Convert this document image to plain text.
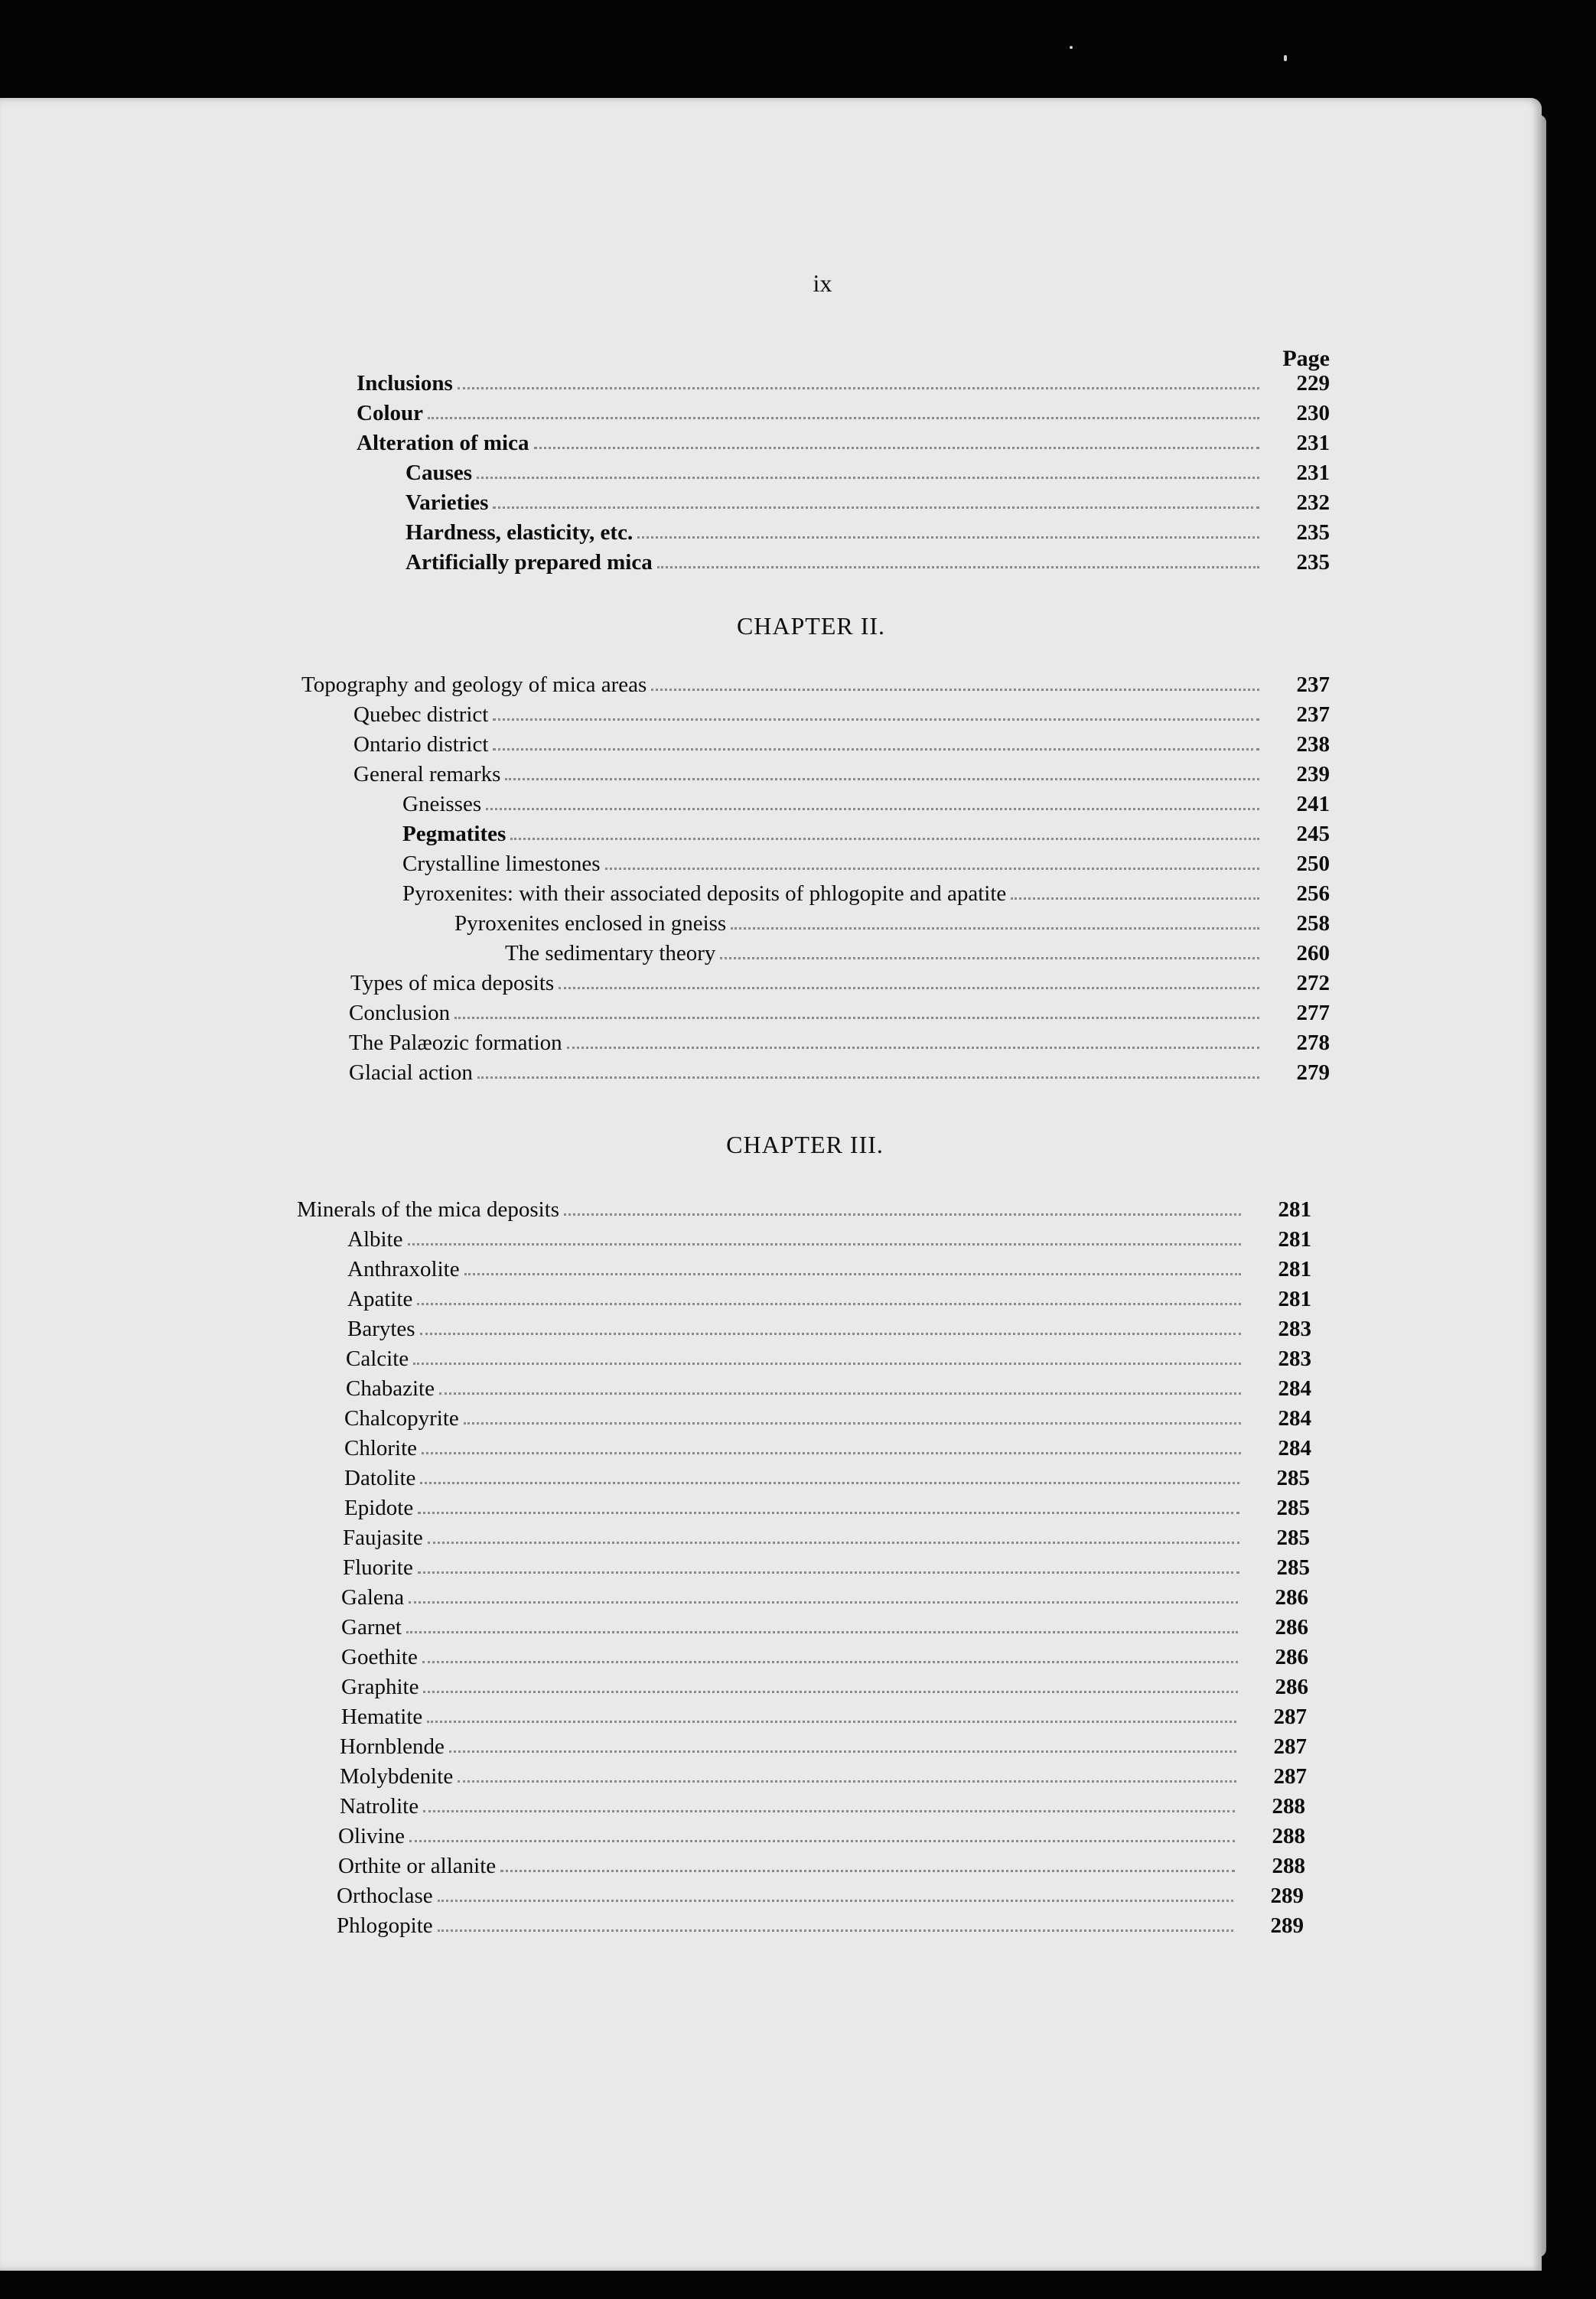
ix
Page
Inclusions	229
Colour	230
Alteration of mica	231
Causes	231
Varieties	232
Hardness, elasticity, etc.	235
Artificially prepared mica	235
CHAPTER II.
Topography and geology of mica areas	237
Quebec district	237
Ontario district	238
General remarks	239
Gneisses	241
Pegmatites	245
Crystalline limestones	250
Pyroxenites: with their associated deposits of phlogopite and apatite	256
Pyroxenites enclosed in gneiss	258
The sedimentary theory	260
Types of mica deposits	272
Conclusion	277
The Palæozic formation	278
Glacial action	279
CHAPTER III.
Minerals of the mica deposits	281
Albite	281
Anthraxolite	281
Apatite	281
Barytes	283
Calcite	283
Chabazite	284
Chalcopyrite	284
Chlorite	284
Datolite	285
Epidote	285
Faujasite	285
Fluorite	285
Galena	286
Garnet	286
Goethite	286
Graphite	286
Hematite	287
Hornblende	287
Molybdenite	287
Natrolite	288
Olivine	288
Orthite or allanite	288
Orthoclase	289
Phlogopite	289
